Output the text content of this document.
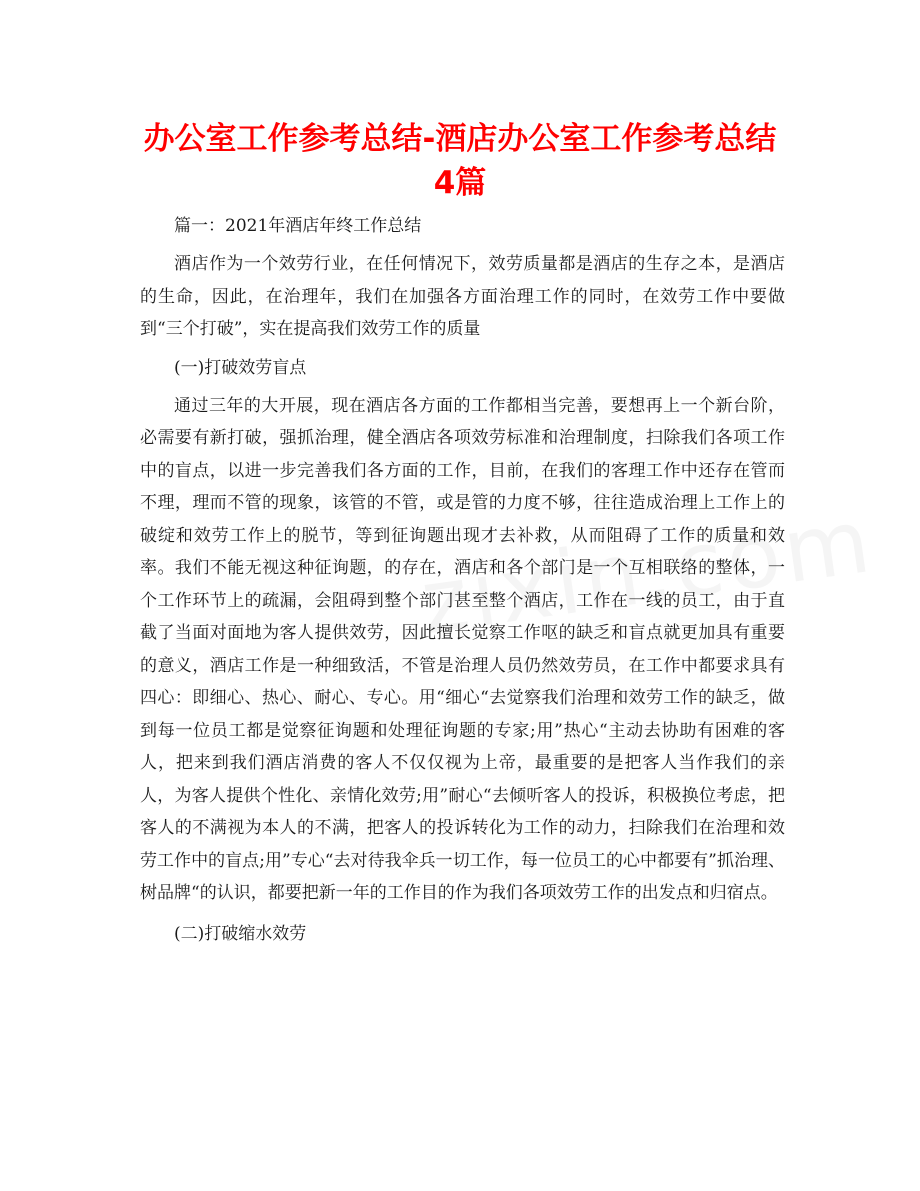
办公室工作参考总结-酒店办公室工作参考总结
4篇

篇一：2021年酒店年终工作总结

酒店作为一个效劳行业，在任何情况下，效劳质量都是酒店的生存之本，是酒店的生命，因此，在治理年，我们在加强各方面治理工作的同时，在效劳工作中要做到“三个打破”，实在提高我们效劳工作的质量

(一)打破效劳盲点

通过三年的大开展，现在酒店各方面的工作都相当完善，要想再上一个新台阶，必需要有新打破，强抓治理，健全酒店各项效劳标准和治理制度，扫除我们各项工作中的盲点，以进一步完善我们各方面的工作，目前，在我们的客理工作中还存在管而不理，理而不管的现象，该管的不管，或是管的力度不够，往往造成治理上工作上的破绽和效劳工作上的脱节，等到征询题出现才去补救，从而阻碍了工作的质量和效率。我们不能无视这种征询题，的存在，酒店和各个部门是一个互相联络的整体，一个工作环节上的疏漏，会阻碍到整个部门甚至整个酒店，工作在一线的员工，由于直截了当面对面地为客人提供效劳，因此擅长觉察工作呕的缺乏和盲点就更加具有重要的意义，酒店工作是一种细致活，不管是治理人员仍然效劳员，在工作中都要求具有四心：即细心、热心、耐心、专心。用“细心“去觉察我们治理和效劳工作的缺乏，做到每一位员工都是觉察征询题和处理征询题的专家;用”热心“主动去协助有困难的客人，把来到我们酒店消费的客人不仅仅视为上帝，最重要的是把客人当作我们的亲人，为客人提供个性化、亲情化效劳;用”耐心“去倾听客人的投诉，积极换位考虑，把客人的不满视为本人的不满，把客人的投诉转化为工作的动力，扫除我们在治理和效劳工作中的盲点;用”专心“去对待我伞兵一切工作，每一位员工的心中都要有”抓治理、树品牌“的认识，都要把新一年的工作目的作为我们各项效劳工作的出发点和归宿点。

(二)打破缩水效劳
